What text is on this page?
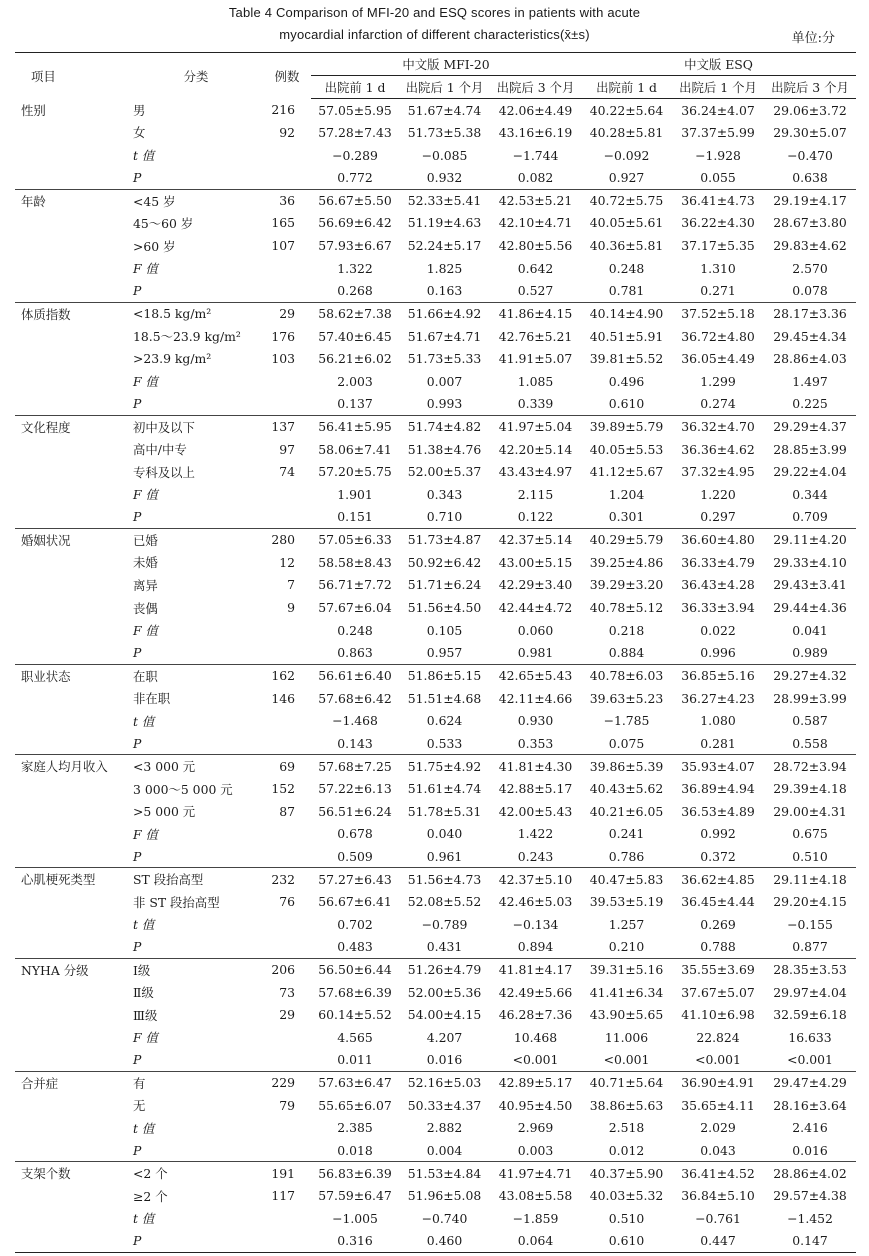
Table 4 Comparison of MFI-20 and ESQ scores in patients with acute
myocardial infarction of different characteristics(x̄±s)	单位:分
项目	分类	例数	中文版 MFI-20			中文版 ESQ		
			出院前 1 d	出院后 1 个月	出院后 3 个月	出院前 1 d	出院后 1 个月	出院后 3 个月
性别	男	216	57.05±5.95	51.67±4.74	42.06±4.49	40.22±5.64	36.24±4.07	29.06±3.72
	女	92	57.28±7.43	51.73±5.38	43.16±6.19	40.28±5.81	37.37±5.99	29.30±5.07
	t 值		−0.289	−0.085	−1.744	−0.092	−1.928	−0.470
	P		0.772	0.932	0.082	0.927	0.055	0.638
年龄	<45 岁	36	56.67±5.50	52.33±5.41	42.53±5.21	40.72±5.75	36.41±4.73	29.19±4.17
	45～60 岁	165	56.69±6.42	51.19±4.63	42.10±4.71	40.05±5.61	36.22±4.30	28.67±3.80
	>60 岁	107	57.93±6.67	52.24±5.17	42.80±5.56	40.36±5.81	37.17±5.35	29.83±4.62
	F 值		1.322	1.825	0.642	0.248	1.310	2.570
	P		0.268	0.163	0.527	0.781	0.271	0.078
体质指数	<18.5 kg/m²	29	58.62±7.38	51.66±4.92	41.86±4.15	40.14±4.90	37.52±5.18	28.17±3.36
	18.5～23.9 kg/m²	176	57.40±6.45	51.67±4.71	42.76±5.21	40.51±5.91	36.72±4.80	29.45±4.34
	>23.9 kg/m²	103	56.21±6.02	51.73±5.33	41.91±5.07	39.81±5.52	36.05±4.49	28.86±4.03
	F 值		2.003	0.007	1.085	0.496	1.299	1.497
	P		0.137	0.993	0.339	0.610	0.274	0.225
文化程度	初中及以下	137	56.41±5.95	51.74±4.82	41.97±5.04	39.89±5.79	36.32±4.70	29.29±4.37
	高中/中专	97	58.06±7.41	51.38±4.76	42.20±5.14	40.05±5.53	36.36±4.62	28.85±3.99
	专科及以上	74	57.20±5.75	52.00±5.37	43.43±4.97	41.12±5.67	37.32±4.95	29.22±4.04
	F 值		1.901	0.343	2.115	1.204	1.220	0.344
	P		0.151	0.710	0.122	0.301	0.297	0.709
婚姻状况	已婚	280	57.05±6.33	51.73±4.87	42.37±5.14	40.29±5.79	36.60±4.80	29.11±4.20
	未婚	12	58.58±8.43	50.92±6.42	43.00±5.15	39.25±4.86	36.33±4.79	29.33±4.10
	离异	7	56.71±7.72	51.71±6.24	42.29±3.40	39.29±3.20	36.43±4.28	29.43±3.41
	丧偶	9	57.67±6.04	51.56±4.50	42.44±4.72	40.78±5.12	36.33±3.94	29.44±4.36
	F 值		0.248	0.105	0.060	0.218	0.022	0.041
	P		0.863	0.957	0.981	0.884	0.996	0.989
职业状态	在职	162	56.61±6.40	51.86±5.15	42.65±5.43	40.78±6.03	36.85±5.16	29.27±4.32
	非在职	146	57.68±6.42	51.51±4.68	42.11±4.66	39.63±5.23	36.27±4.23	28.99±3.99
	t 值		−1.468	0.624	0.930	−1.785	1.080	0.587
	P		0.143	0.533	0.353	0.075	0.281	0.558
家庭人均月收入	<3 000 元	69	57.68±7.25	51.75±4.92	41.81±4.30	39.86±5.39	35.93±4.07	28.72±3.94
	3 000～5 000 元	152	57.22±6.13	51.61±4.74	42.88±5.17	40.43±5.62	36.89±4.94	29.39±4.18
	>5 000 元	87	56.51±6.24	51.78±5.31	42.00±5.43	40.21±6.05	36.53±4.89	29.00±4.31
	F 值		0.678	0.040	1.422	0.241	0.992	0.675
	P		0.509	0.961	0.243	0.786	0.372	0.510
心肌梗死类型	ST 段抬高型	232	57.27±6.43	51.56±4.73	42.37±5.10	40.47±5.83	36.62±4.85	29.11±4.18
	非 ST 段抬高型	76	56.67±6.41	52.08±5.52	42.46±5.03	39.53±5.19	36.45±4.44	29.20±4.15
	t 值		0.702	−0.789	−0.134	1.257	0.269	−0.155
	P		0.483	0.431	0.894	0.210	0.788	0.877
NYHA 分级	Ⅰ级	206	56.50±6.44	51.26±4.79	41.81±4.17	39.31±5.16	35.55±3.69	28.35±3.53
	Ⅱ级	73	57.68±6.39	52.00±5.36	42.49±5.66	41.41±6.34	37.67±5.07	29.97±4.04
	Ⅲ级	29	60.14±5.52	54.00±4.15	46.28±7.36	43.90±5.65	41.10±6.98	32.59±6.18
	F 值		4.565	4.207	10.468	11.006	22.824	16.633
	P		0.011	0.016	<0.001	<0.001	<0.001	<0.001
合并症	有	229	57.63±6.47	52.16±5.03	42.89±5.17	40.71±5.64	36.90±4.91	29.47±4.29
	无	79	55.65±6.07	50.33±4.37	40.95±4.50	38.86±5.63	35.65±4.11	28.16±3.64
	t 值		2.385	2.882	2.969	2.518	2.029	2.416
	P		0.018	0.004	0.003	0.012	0.043	0.016
支架个数	<2 个	191	56.83±6.39	51.53±4.84	41.97±4.71	40.37±5.90	36.41±4.52	28.86±4.02
	≥2 个	117	57.59±6.47	51.96±5.08	43.08±5.58	40.03±5.32	36.84±5.10	29.57±4.38
	t 值		−1.005	−0.740	−1.859	0.510	−0.761	−1.452
	P		0.316	0.460	0.064	0.610	0.447	0.147
